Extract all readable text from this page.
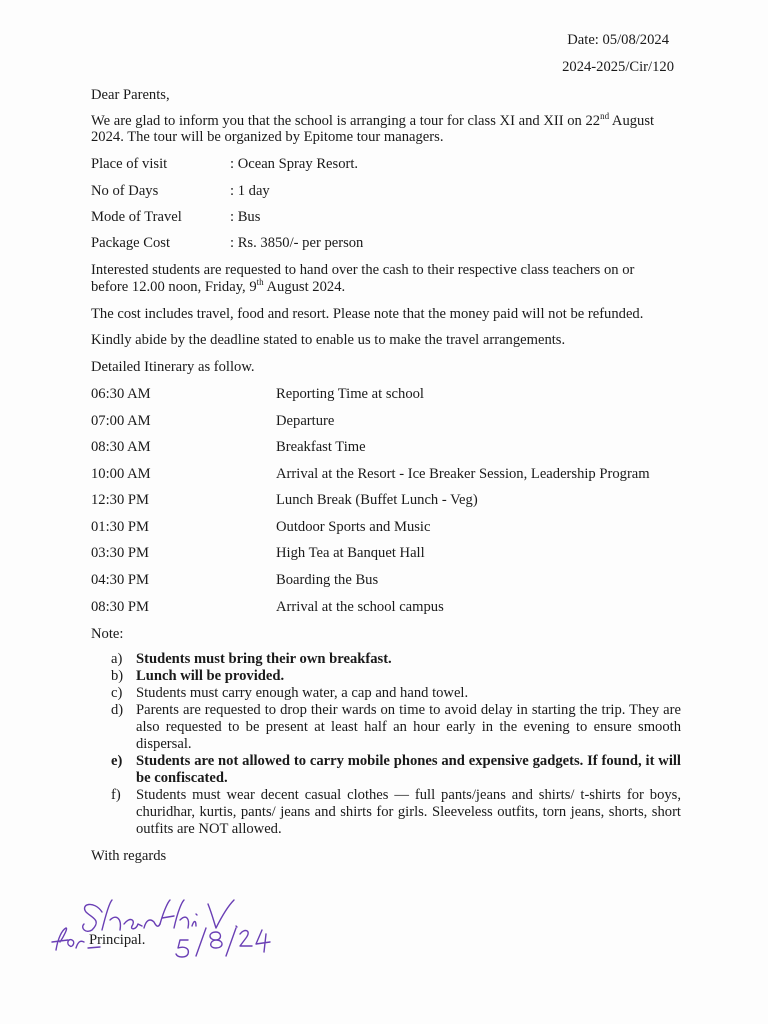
Date: 05/08/2024
2024-2025/Cir/120
Dear Parents,
We are glad to inform you that the school is arranging a tour for class XI and XII on 22nd August
2024. The tour will be organized by Epitome tour managers.
Place of visit	: Ocean Spray Resort.
No of Days	: 1 day
Mode of Travel	: Bus
Package Cost	: Rs. 3850/- per person
Interested students are requested to hand over the cash to their respective class teachers on or
before 12.00 noon, Friday, 9th August 2024.
The cost includes travel, food and resort. Please note that the money paid will not be refunded.
Kindly abide by the deadline stated to enable us to make the travel arrangements.
Detailed Itinerary as follow.
06:30 AM	Reporting Time at school
07:00 AM	Departure
08:30 AM	Breakfast Time
10:00 AM	Arrival at the Resort - Ice Breaker Session, Leadership Program
12:30 PM	Lunch Break (Buffet Lunch - Veg)
01:30 PM	Outdoor Sports and Music
03:30 PM	High Tea at Banquet Hall
04:30 PM	Boarding the Bus
08:30 PM	Arrival at the school campus
Note:
a) Students must bring their own breakfast.
b) Lunch will be provided.
c) Students must carry enough water, a cap and hand towel.
d) Parents are requested to drop their wards on time to avoid delay in starting the trip. They are also requested to be present at least half an hour early in the evening to ensure smooth dispersal.
e) Students are not allowed to carry mobile phones and expensive gadgets. If found, it will be confiscated.
f) Students must wear decent casual clothes — full pants/jeans and shirts/ t-shirts for boys, churidhar, kurtis, pants/ jeans and shirts for girls. Sleeveless outfits, torn jeans, shorts, short outfits are NOT allowed.
With regards
Principal.
